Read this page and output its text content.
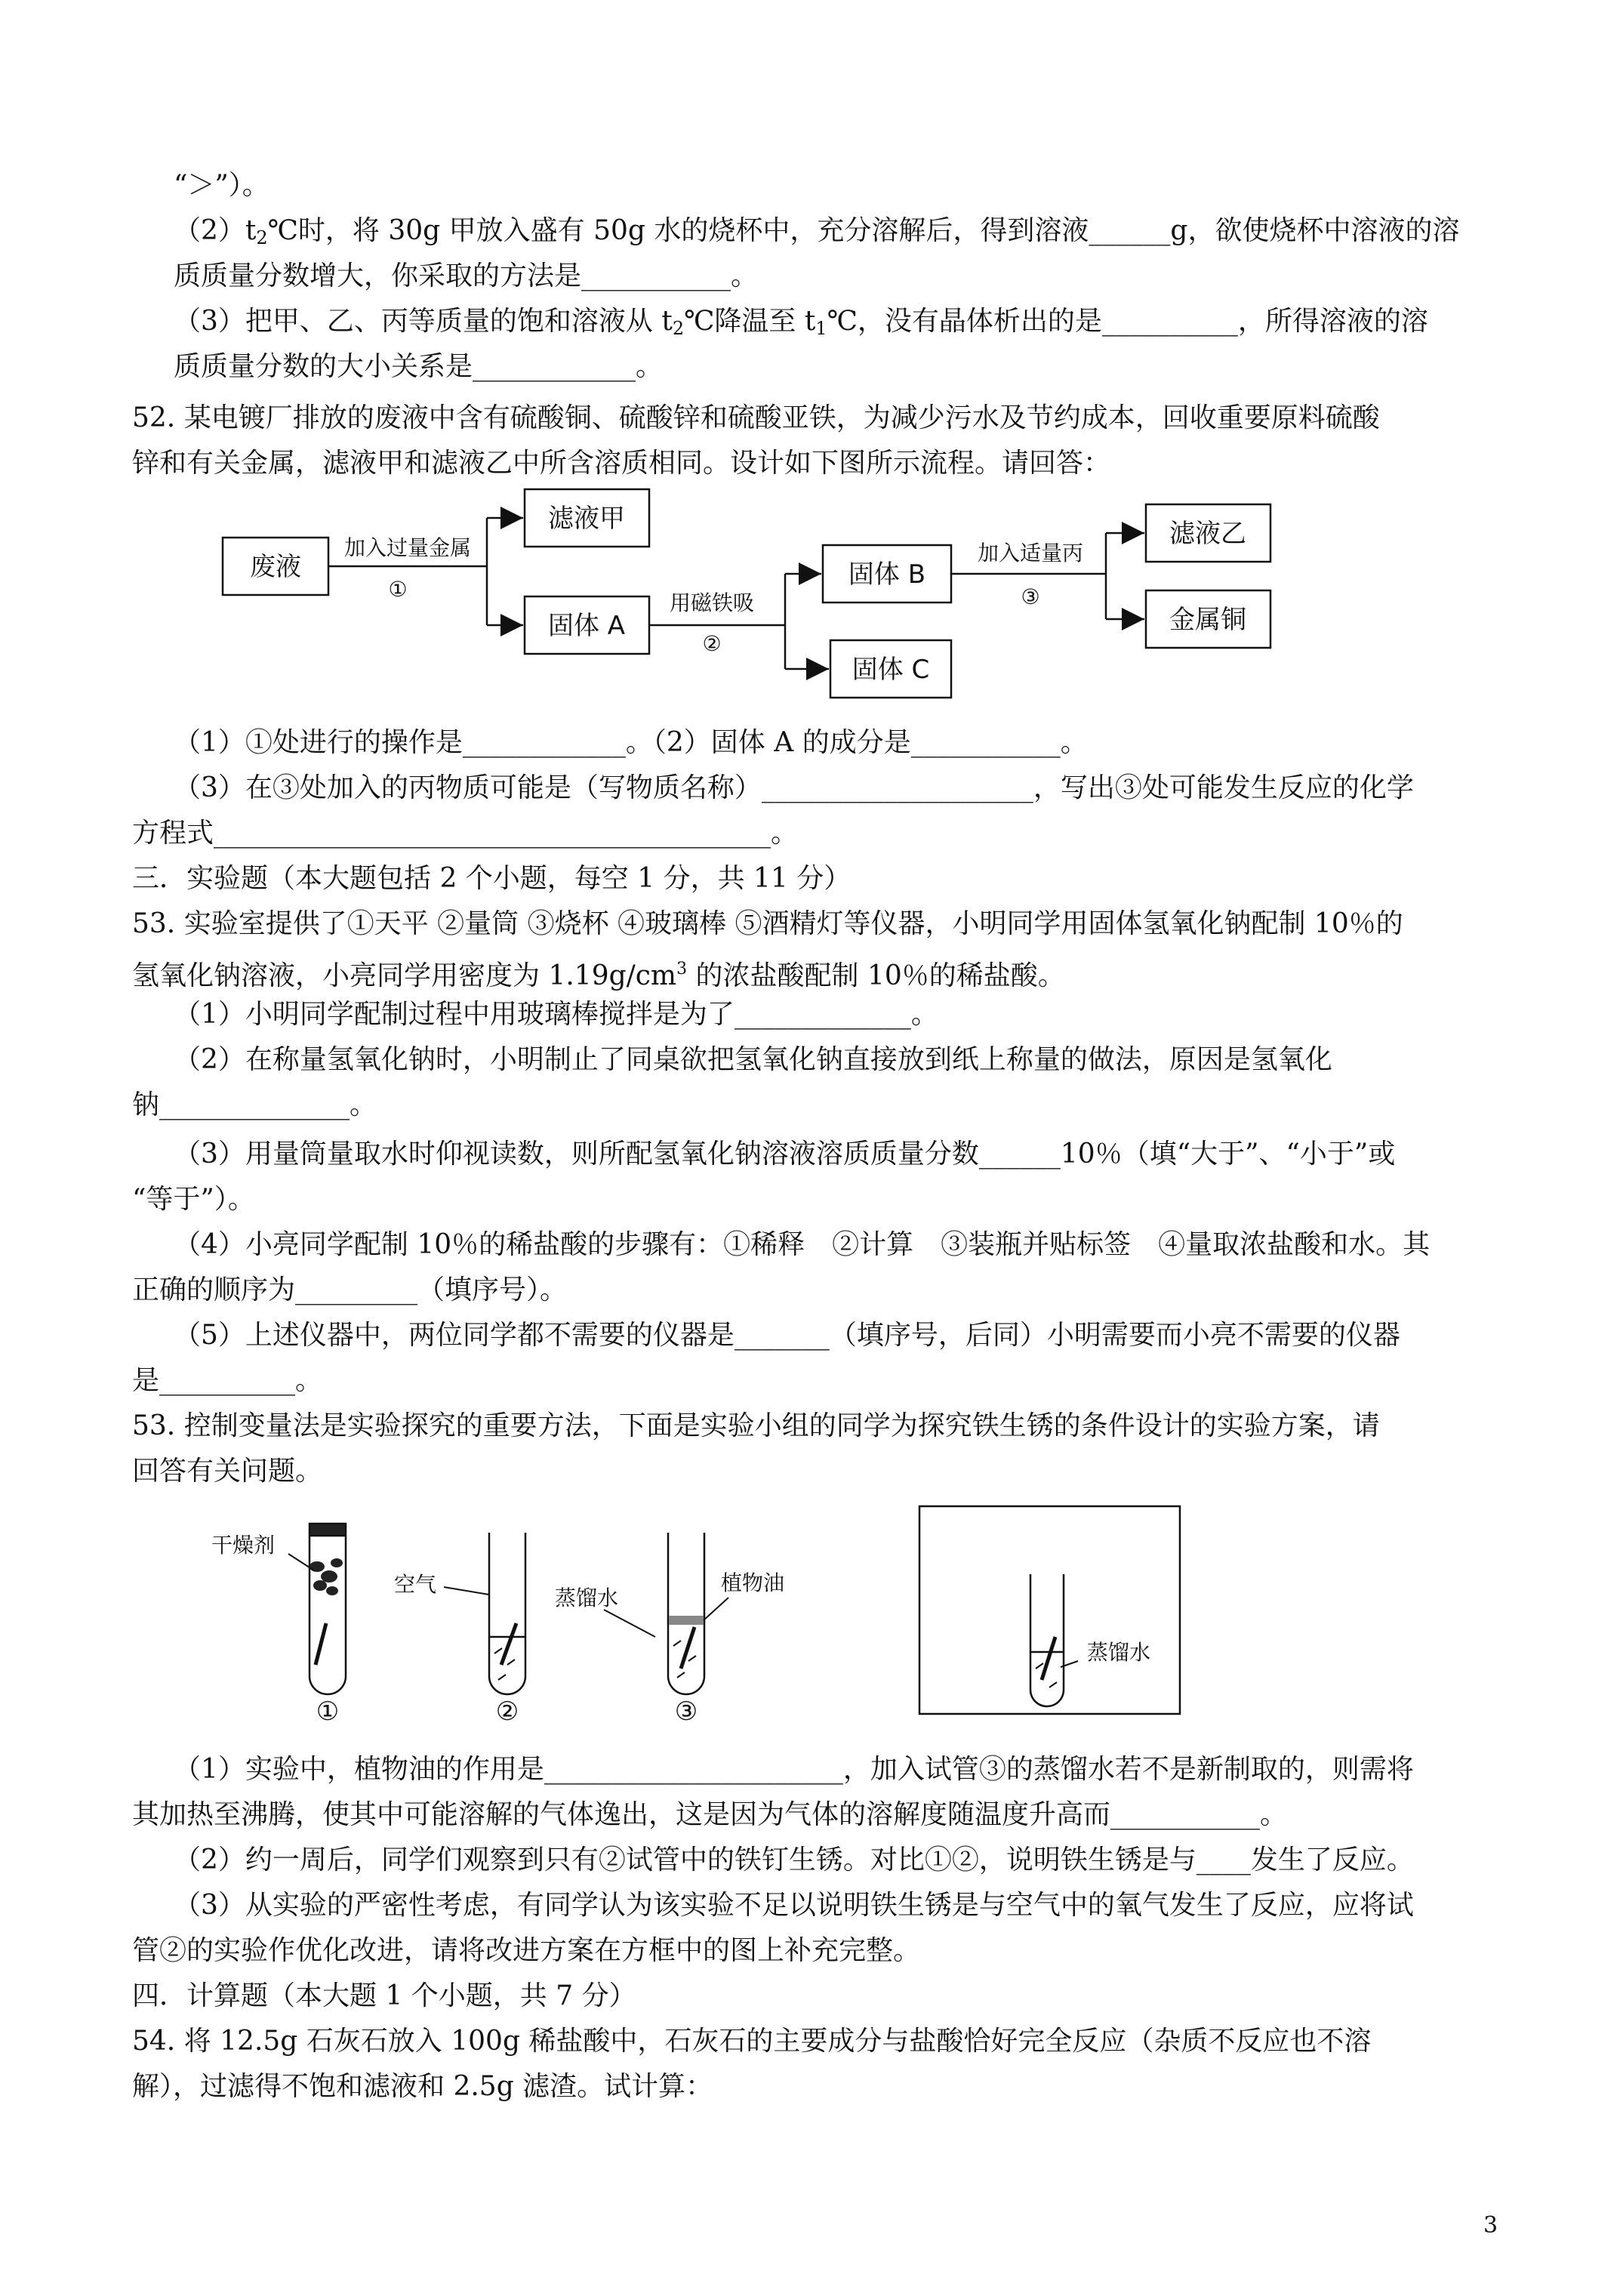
“＞”）。
$(2)t_2℃$时，将 30g 甲放入盛有 50g 水的烧杯中，充分溶解后，得到溶液______g，欲使烧杯中溶液的溶
质质量分数增大，你采取的方法是___________。
（3）把甲、乙、丙等质量的饱和溶液从 $t_2℃$降温至 $t_1℃$，没有晶体析出的是__________，所得溶液的溶
质质量分数的大小关系是____________。
52. 某电镀厂排放的废液中含有硫酸铜、硫酸锌和硫酸亚铁，为减少污水及节约成本，回收重要原料硫酸
锌和有关金属，滤液甲和滤液乙中所含溶质相同。设计如下图所示流程。请回答：
废液
滤液甲
固体 A
固体 B
固体 C
滤液乙
金属铜
加入过量金属
①
用磁铁吸
②
加入适量丙
③
（1）①处进行的操作是____________。（2）固体 A 的成分是___________。
（3）在③处加入的丙物质可能是（写物质名称）____________________，写出③处可能发生反应的化学
方程式_________________________________________。
三．实验题（本大题包括 2 个小题，每空 1 分，共 11 分）
53. 实验室提供了①天平 ②量筒 ③烧杯 ④玻璃棒 ⑤酒精灯等仪器，小明同学用固体氢氧化钠配制 10％的
氢氧化钠溶液，小亮同学用密度为 $1.19g/cm^3$ 的浓盐酸配制 10％的稀盐酸。
（1）小明同学配制过程中用玻璃棒搅拌是为了_____________。
（2）在称量氢氧化钠时，小明制止了同桌欲把氢氧化钠直接放到纸上称量的做法，原因是氢氧化
钠______________。
（3）用量筒量取水时仰视读数，则所配氢氧化钠溶液溶质质量分数______10％（填“大于”、“小于”或
“等于”）。
（4）小亮同学配制 10％的稀盐酸的步骤有：①稀释　②计算　③装瓶并贴标签　④量取浓盐酸和水。其
正确的顺序为_________（填序号）。
（5）上述仪器中，两位同学都不需要的仪器是_______（填序号，后同）小明需要而小亮不需要的仪器
是__________。
53. 控制变量法是实验探究的重要方法，下面是实验小组的同学为探究铁生锈的条件设计的实验方案，请
回答有关问题。
干燥剂
空气
蒸馏水
植物油
蒸馏水
①	②	③
（1）实验中，植物油的作用是______________________，加入试管③的蒸馏水若不是新制取的，则需将
其加热至沸腾，使其中可能溶解的气体逸出，这是因为气体的溶解度随温度升高而___________。
（2）约一周后，同学们观察到只有②试管中的铁钉生锈。对比①②，说明铁生锈是与____发生了反应。
（3）从实验的严密性考虑，有同学认为该实验不足以说明铁生锈是与空气中的氧气发生了反应，应将试
管②的实验作优化改进，请将改进方案在方框中的图上补充完整。
四．计算题（本大题 1 个小题，共 7 分）
54. 将 12.5g 石灰石放入 100g 稀盐酸中，石灰石的主要成分与盐酸恰好完全反应（杂质不反应也不溶
解），过滤得不饱和滤液和 2.5g 滤渣。试计算：
3
